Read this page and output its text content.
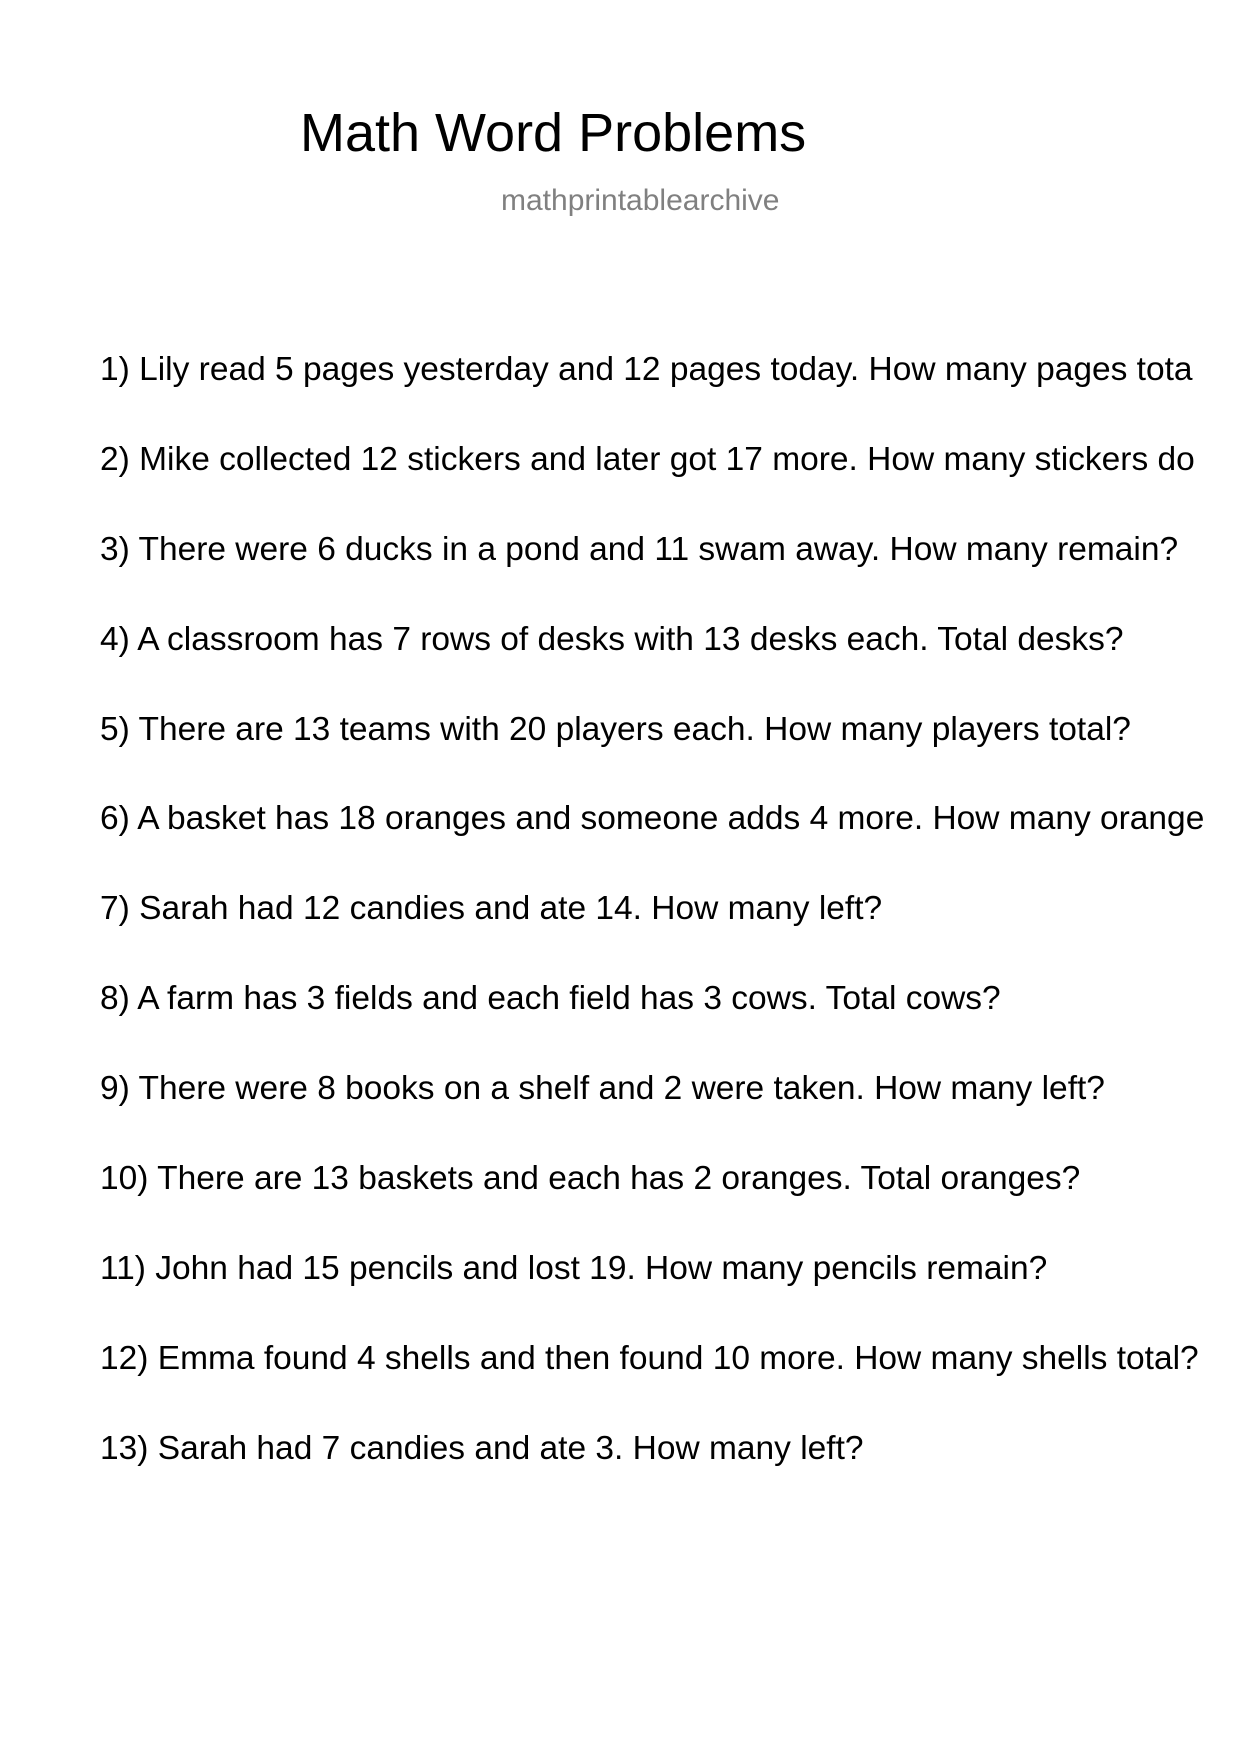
Math Word Problems
mathprintablearchive
1) Lily read 5 pages yesterday and 12 pages today. How many pages tota
2) Mike collected 12 stickers and later got 17 more. How many stickers do
3) There were 6 ducks in a pond and 11 swam away. How many remain?
4) A classroom has 7 rows of desks with 13 desks each. Total desks?
5) There are 13 teams with 20 players each. How many players total?
6) A basket has 18 oranges and someone adds 4 more. How many orange
7) Sarah had 12 candies and ate 14. How many left?
8) A farm has 3 fields and each field has 3 cows. Total cows?
9) There were 8 books on a shelf and 2 were taken. How many left?
10) There are 13 baskets and each has 2 oranges. Total oranges?
11) John had 15 pencils and lost 19. How many pencils remain?
12) Emma found 4 shells and then found 10 more. How many shells total?
13) Sarah had 7 candies and ate 3. How many left?
